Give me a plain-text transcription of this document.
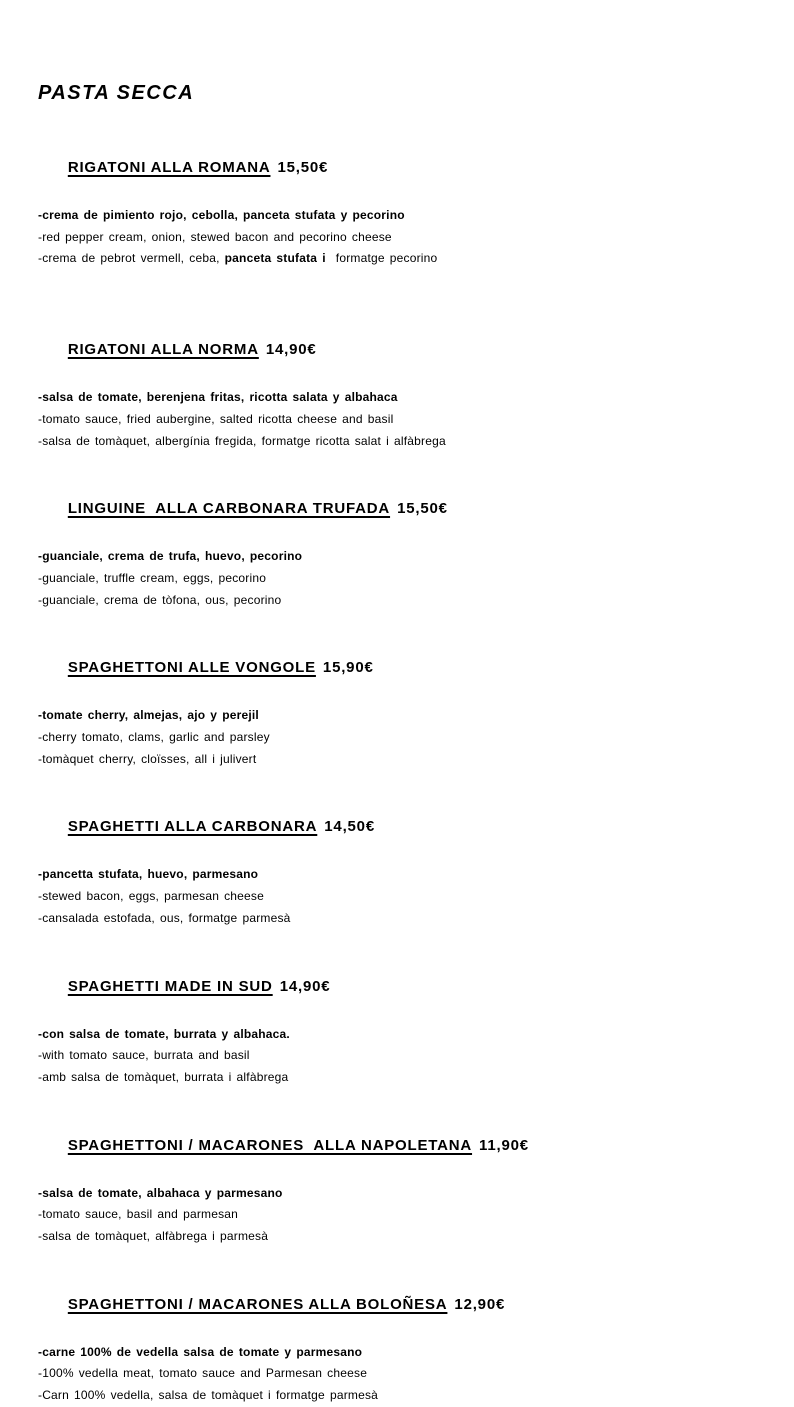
PASTA SECCA

RIGATONI ALLA ROMANA 15,50€

-crema de pimiento rojo, cebolla, panceta stufata y pecorino
-red pepper cream, onion, stewed bacon and pecorino cheese
-crema de pebrot vermell, ceba, panceta stufata i  formatge pecorino

RIGATONI ALLA NORMA 14,90€

-salsa de tomate, berenjena fritas, ricotta salata y albahaca
-tomato sauce, fried aubergine, salted ricotta cheese and basil
-salsa de tomàquet, albergínia fregida, formatge ricotta salat i alfàbrega

LINGUINE  ALLA CARBONARA TRUFADA 15,50€

-guanciale, crema de trufa, huevo, pecorino
-guanciale, truffle cream, eggs, pecorino
-guanciale, crema de tòfona, ous, pecorino

SPAGHETTONI ALLE VONGOLE 15,90€

-tomate cherry, almejas, ajo y perejil
-cherry tomato, clams, garlic and parsley
-tomàquet cherry, cloïsses, all i julivert

SPAGHETTI ALLA CARBONARA 14,50€

-pancetta stufata, huevo, parmesano
-stewed bacon, eggs, parmesan cheese
-cansalada estofada, ous, formatge parmesà

SPAGHETTI MADE IN SUD 14,90€

-con salsa de tomate, burrata y albahaca.
-with tomato sauce, burrata and basil
-amb salsa de tomàquet, burrata i alfàbrega

SPAGHETTONI / MACARONES  ALLA NAPOLETANA 11,90€

-salsa de tomate, albahaca y parmesano
-tomato sauce, basil and parmesan
-salsa de tomàquet, alfàbrega i parmesà

SPAGHETTONI / MACARONES ALLA BOLOÑESA 12,90€

-carne 100% de vedella salsa de tomate y parmesano
-100% vedella meat, tomato sauce and Parmesan cheese
-Carn 100% vedella, salsa de tomàquet i formatge parmesà
